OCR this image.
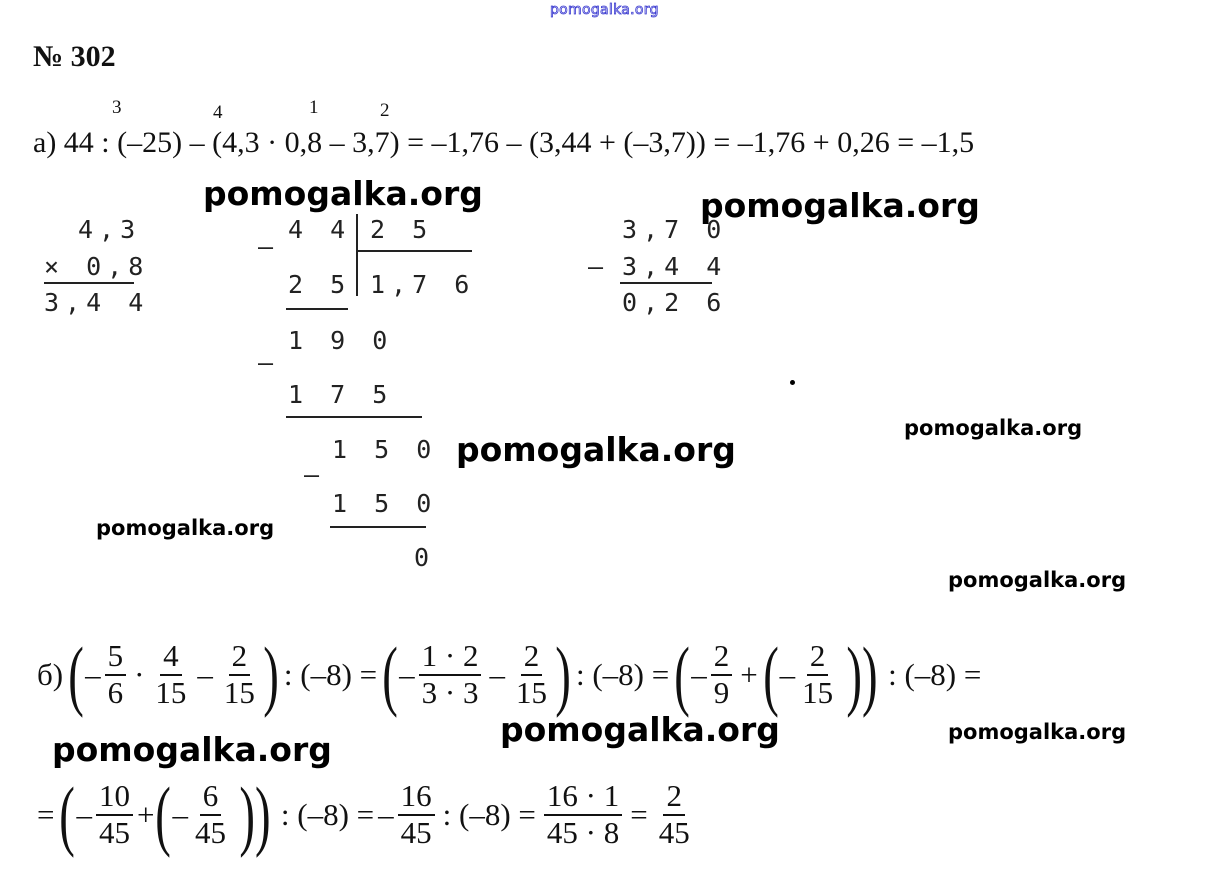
pomogalka.org
№ 302
3	4	1	2
а) 44 : (–25) – (4,3 · 0,8 – 3,7) = –1,76 – (3,44 + (–3,7)) = –1,76 + 0,26 = –1,5
pomogalka.org	pomogalka.org
pomogalka.org
pomogalka.org
pomogalka.org
pomogalka.org
pomogalka.org	pomogalka.org
pomogalka.org
4,3
× 0,8
3,4 4
–
4 4 2 5
2 5 1,7 6
1 9 0
–
1 7 5
1 5 0
–
1 5 0
0
3,7 0
– 3,4 4
0,2 6
б) ( – $\frac{5}{6} \cdot \frac{4}{15} - \frac{2}{15}$ ) : (–8) = ( – $\frac{1 \cdot 2}{3 \cdot 3} - \frac{2}{15}$ ) : (–8) = ( – $\frac{2}{9}$ + ( – $\frac{2}{15}$ )) : (–8) =
= ( – $\frac{10}{45}$ + ( – $\frac{6}{45}$ )) : (–8) = – $\frac{16}{45}$ : $(-8) = \frac{16 \cdot 1}{45 \cdot 8} = \frac{2}{45}$
